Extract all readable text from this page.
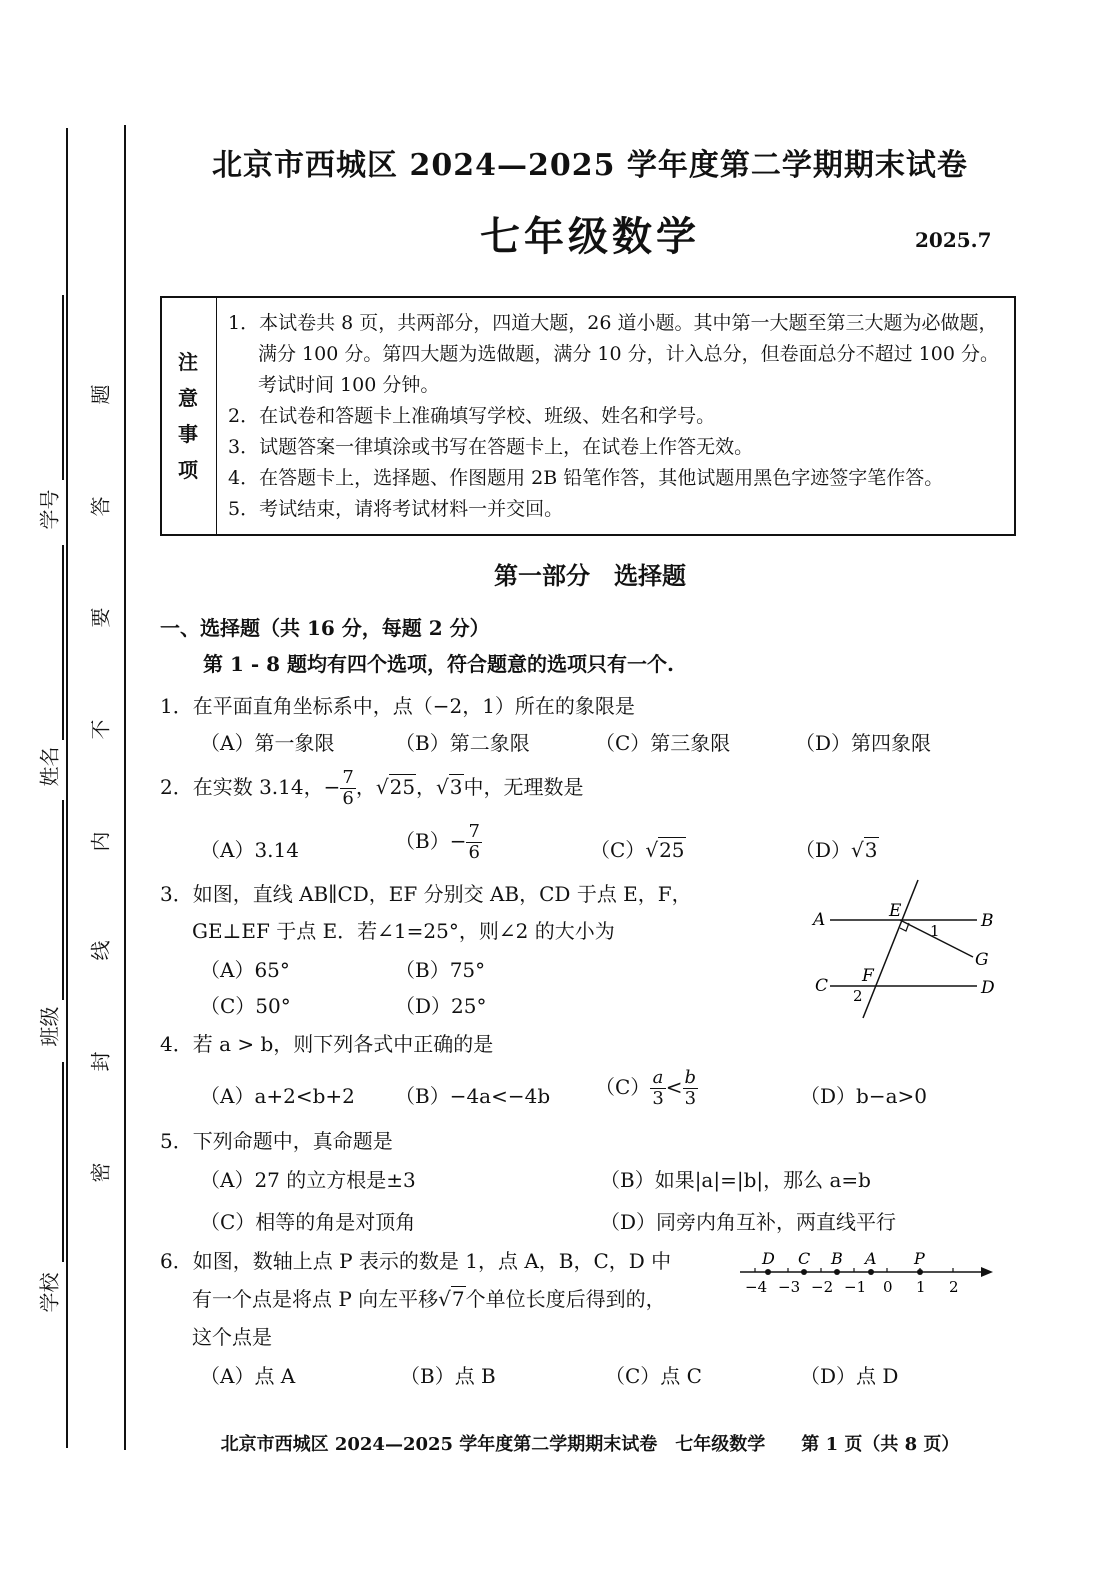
学号
姓名
班级
学校
题
答
要
不
内
线
封
密
北京市西城区 2024—2025 学年度第二学期期末试卷
七年级数学	2025.7
注
意
事
项
1．本试卷共 8 页，共两部分，四道大题，26 道小题。其中第一大题至第三大题为必做题，满分 100 分。第四大题为选做题，满分 10 分，计入总分，但卷面总分不超过 100 分。考试时间 100 分钟。
2．在试卷和答题卡上准确填写学校、班级、姓名和学号。
3．试题答案一律填涂或书写在答题卡上，在试卷上作答无效。
4．在答题卡上，选择题、作图题用 2B 铅笔作答，其他试题用黑色字迹签字笔作答。
5．考试结束，请将考试材料一并交回。
第一部分　选择题
一、选择题（共 16 分，每题 2 分）
第 1 - 8 题均有四个选项，符合题意的选项只有一个.
1．在平面直角坐标系中，点（−2，1）所在的象限是
（A）第一象限	（B）第二象限	（C）第三象限	（D）第四象限
2．在实数 3.14，− $\frac{7}{6}$ ，√25，√3中，无理数是
（A）3.14	$(B)- \frac{7}{6}$	（C）√25	（D）√3
3．如图，直线 AB∥CD，EF 分别交 AB，CD 于点 E，F，
GE⊥EF 于点 E．若∠1=25°，则∠2 的大小为
（A）65°	（B）75°
（C）50°	（D）25°
A	E	B
1
G
C F
2	D
4．若 a > b，则下列各式中正确的是
（A）a+2<b+2 （B）−4a<−4b $(C) \frac{a}{3} < \frac{b}{3}$	（D）b−a>0
5．下列命题中，真命题是
（A）27 的立方根是±3	（B）如果|a|=|b|，那么 a=b
（C）相等的角是对顶角	（D）同旁内角互补，两直线平行
6．如图，数轴上点 P 表示的数是 1，点 A，B，C，D 中
有一个点是将点 P 向左平移√7个单位长度后得到的，
这个点是
（A）点 A	（B）点 B	（C）点 C	（D）点 D
D C B A P
−4 −3 −2 −1 0 1 2
北京市西城区 2024—2025 学年度第二学期期末试卷　七年级数学　　第 1 页（共 8 页）
